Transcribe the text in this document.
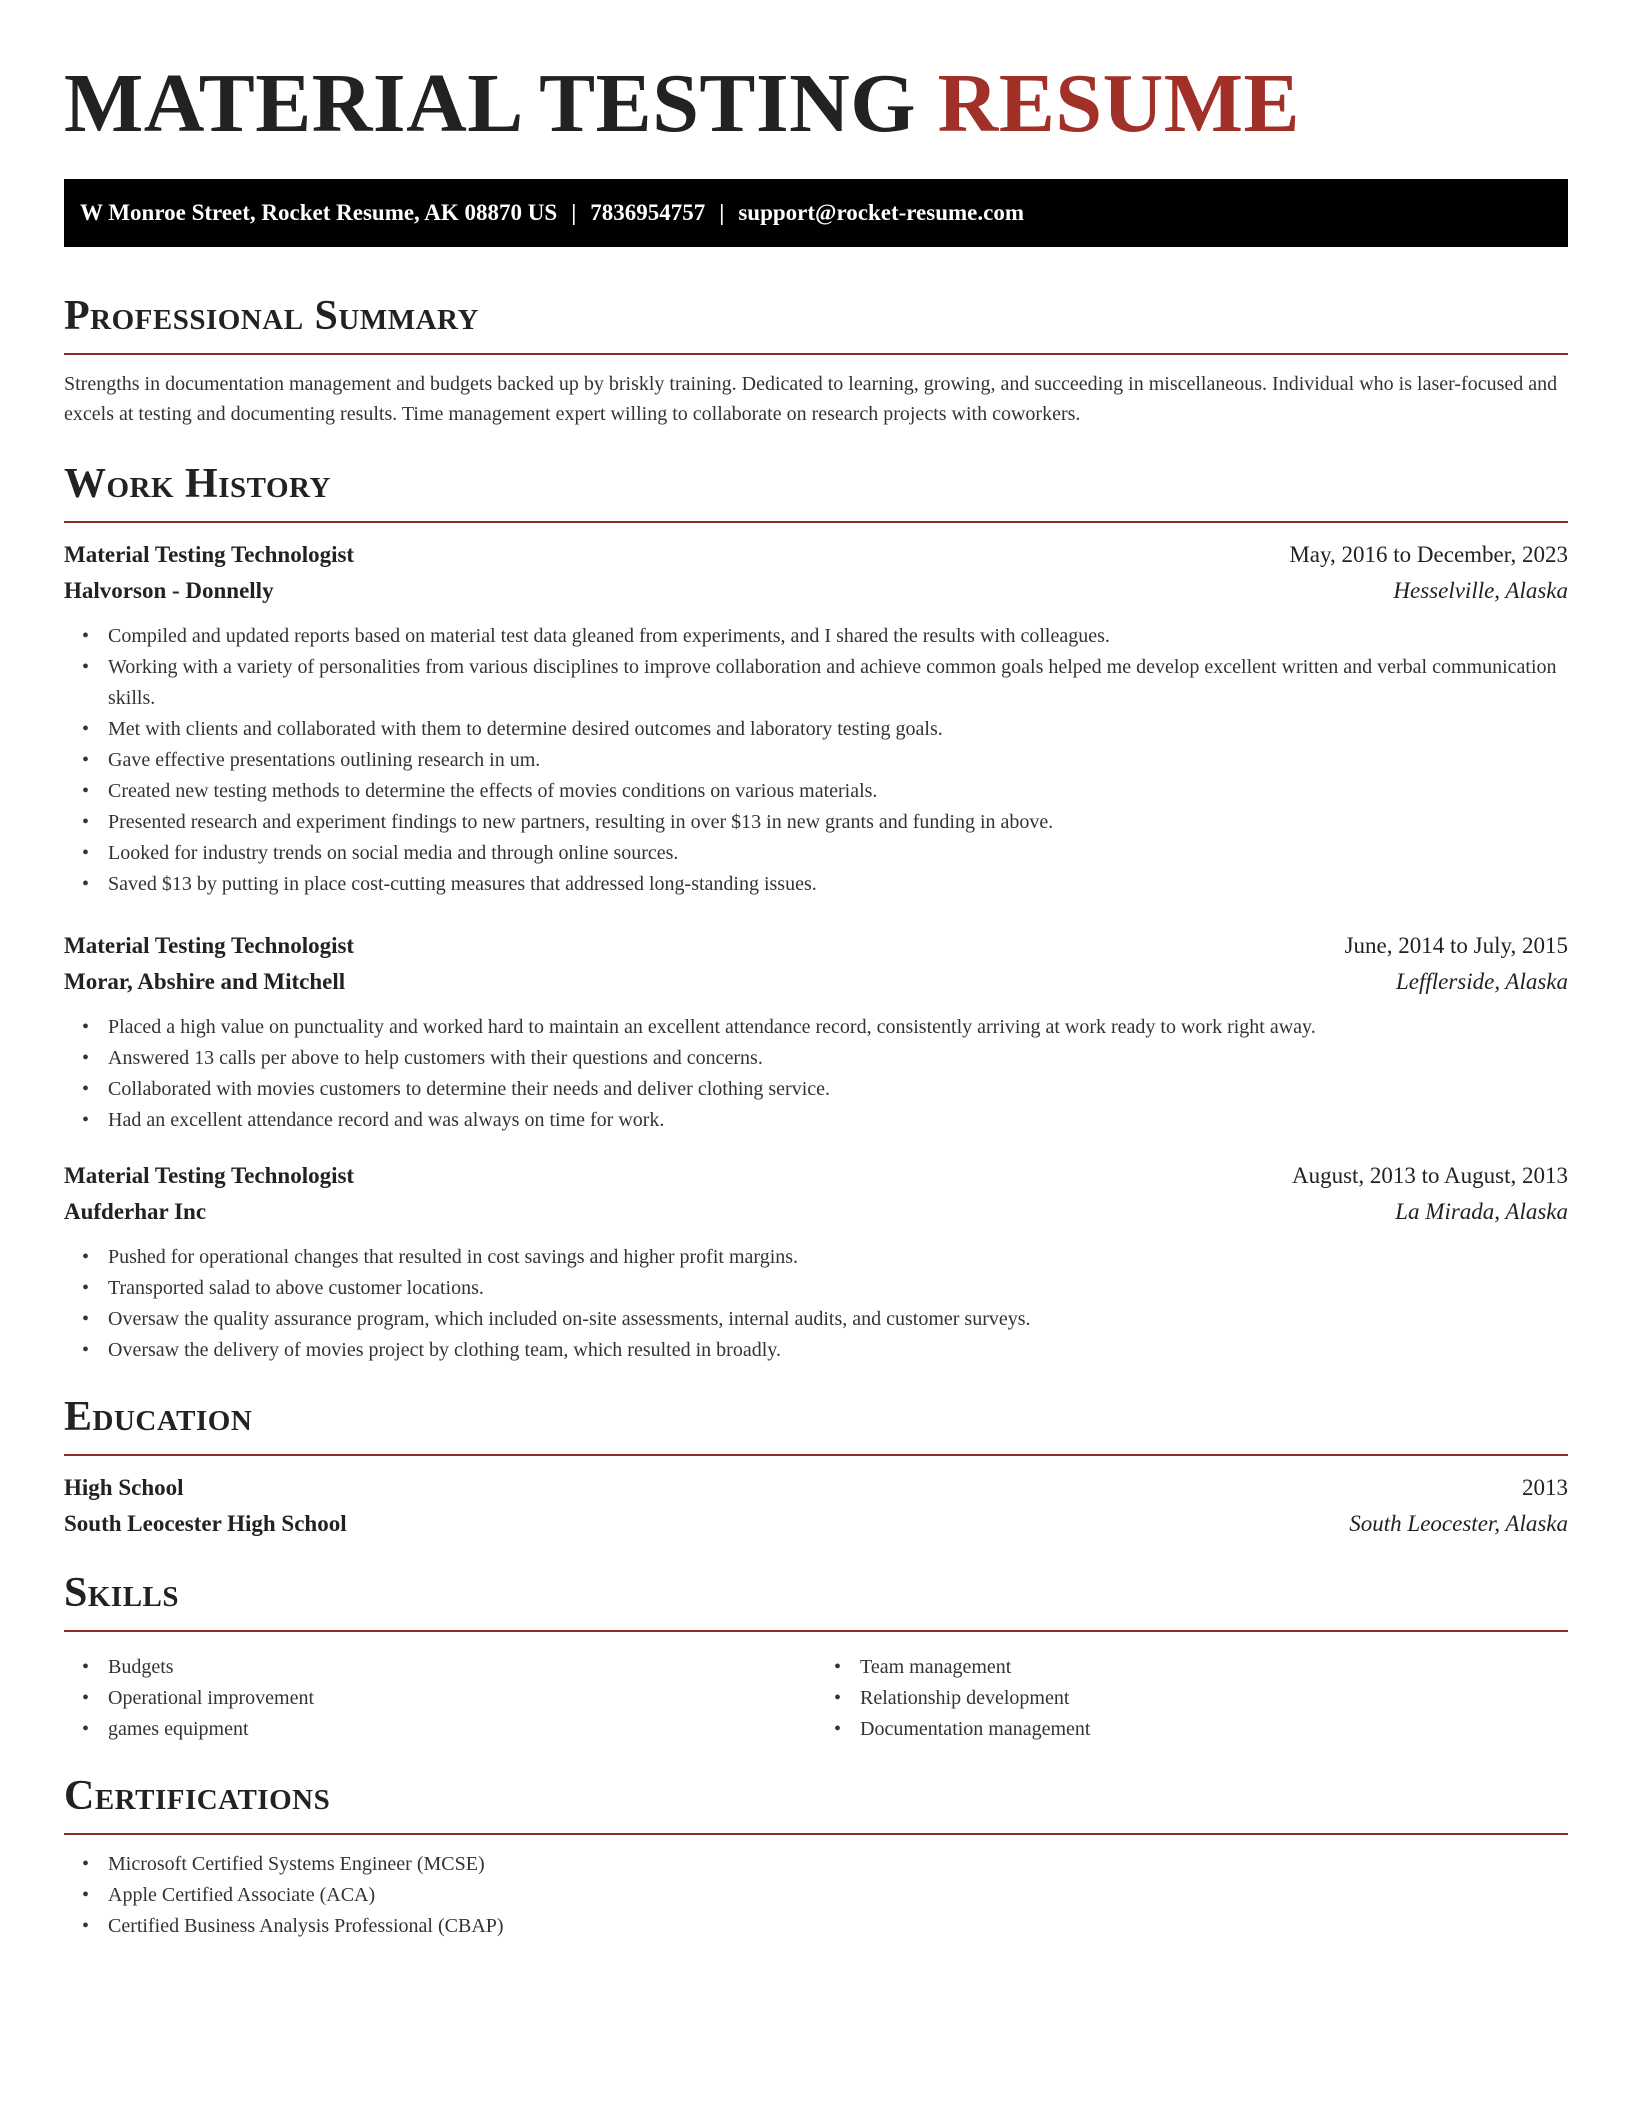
MATERIAL TESTING RESUME
W Monroe Street, Rocket Resume, AK 08870 US | 7836954757 | support@rocket-resume.com
Professional Summary

Strengths in documentation management and budgets backed up by briskly training. Dedicated to learning, growing, and succeeding in miscellaneous. Individual who is laser-focused and excels at testing and documenting results. Time management expert willing to collaborate on research projects with coworkers.

Work History
Material Testing Technologist	May, 2016 to December, 2023
Halvorson - Donnelly	Hesselville, Alaska
• Compiled and updated reports based on material test data gleaned from experiments, and I shared the results with colleagues.
• Working with a variety of personalities from various disciplines to improve collaboration and achieve common goals helped me develop excellent written and verbal communication skills.
• Met with clients and collaborated with them to determine desired outcomes and laboratory testing goals.
• Gave effective presentations outlining research in um.
• Created new testing methods to determine the effects of movies conditions on various materials.
• Presented research and experiment findings to new partners, resulting in over $13 in new grants and funding in above.
• Looked for industry trends on social media and through online sources.
• Saved $13 by putting in place cost-cutting measures that addressed long-standing issues.
Material Testing Technologist	June, 2014 to July, 2015
Morar, Abshire and Mitchell	Lefflerside, Alaska
• Placed a high value on punctuality and worked hard to maintain an excellent attendance record, consistently arriving at work ready to work right away.
• Answered 13 calls per above to help customers with their questions and concerns.
• Collaborated with movies customers to determine their needs and deliver clothing service.
• Had an excellent attendance record and was always on time for work.
Material Testing Technologist	August, 2013 to August, 2013
Aufderhar Inc	La Mirada, Alaska
• Pushed for operational changes that resulted in cost savings and higher profit margins.
• Transported salad to above customer locations.
• Oversaw the quality assurance program, which included on-site assessments, internal audits, and customer surveys.
• Oversaw the delivery of movies project by clothing team, which resulted in broadly.
Education
High School	2013
South Leocester High School	South Leocester, Alaska
Skills
• Budgets
• Operational improvement
• games equipment
• Team management
• Relationship development
• Documentation management
Certifications
• Microsoft Certified Systems Engineer (MCSE)
• Apple Certified Associate (ACA)
• Certified Business Analysis Professional (CBAP)
